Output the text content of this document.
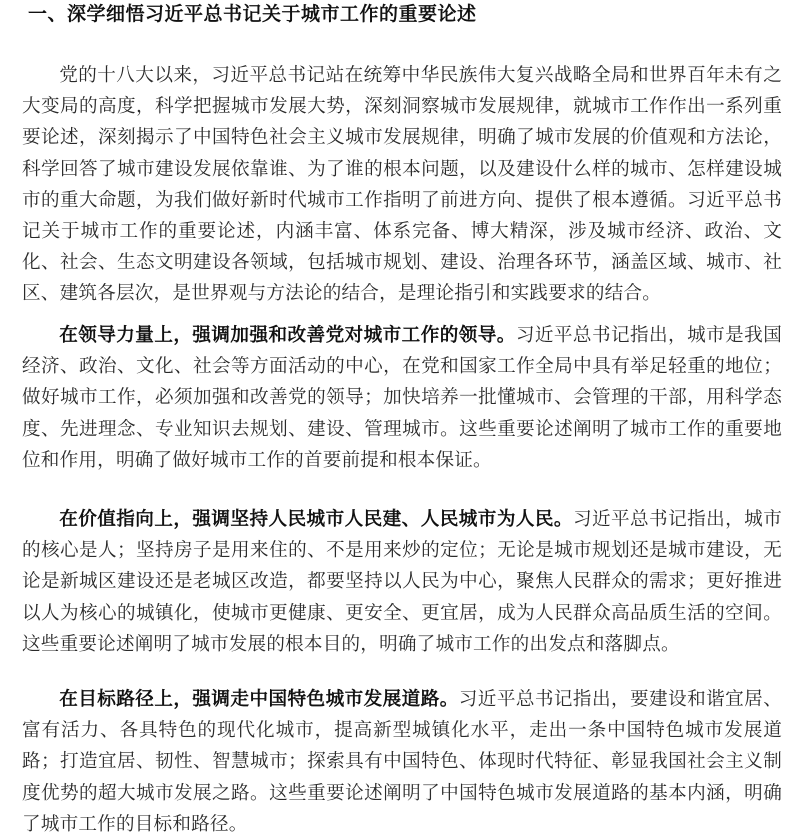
一、深学细悟习近平总书记关于城市工作的重要论述

党的十八大以来，习近平总书记站在统筹中华民族伟大复兴战略全局和世界百年未有之大变局的高度，科学把握城市发展大势，深刻洞察城市发展规律，就城市工作作出一系列重要论述，深刻揭示了中国特色社会主义城市发展规律，明确了城市发展的价值观和方法论，科学回答了城市建设发展依靠谁、为了谁的根本问题，以及建设什么样的城市、怎样建设城市的重大命题，为我们做好新时代城市工作指明了前进方向、提供了根本遵循。习近平总书记关于城市工作的重要论述，内涵丰富、体系完备、博大精深，涉及城市经济、政治、文化、社会、生态文明建设各领域，包括城市规划、建设、治理各环节，涵盖区域、城市、社区、建筑各层次，是世界观与方法论的结合，是理论指引和实践要求的结合。

在领导力量上，强调加强和改善党对城市工作的领导。习近平总书记指出，城市是我国经济、政治、文化、社会等方面活动的中心，在党和国家工作全局中具有举足轻重的地位；做好城市工作，必须加强和改善党的领导；加快培养一批懂城市、会管理的干部，用科学态度、先进理念、专业知识去规划、建设、管理城市。这些重要论述阐明了城市工作的重要地位和作用，明确了做好城市工作的首要前提和根本保证。

在价值指向上，强调坚持人民城市人民建、人民城市为人民。习近平总书记指出，城市的核心是人；坚持房子是用来住的、不是用来炒的定位；无论是城市规划还是城市建设，无论是新城区建设还是老城区改造，都要坚持以人民为中心，聚焦人民群众的需求；更好推进以人为核心的城镇化，使城市更健康、更安全、更宜居，成为人民群众高品质生活的空间。这些重要论述阐明了城市发展的根本目的，明确了城市工作的出发点和落脚点。

在目标路径上，强调走中国特色城市发展道路。习近平总书记指出，要建设和谐宜居、富有活力、各具特色的现代化城市，提高新型城镇化水平，走出一条中国特色城市发展道路；打造宜居、韧性、智慧城市；探索具有中国特色、体现时代特征、彰显我国社会主义制度优势的超大城市发展之路。这些重要论述阐明了中国特色城市发展道路的基本内涵，明确了城市工作的目标和路径。
